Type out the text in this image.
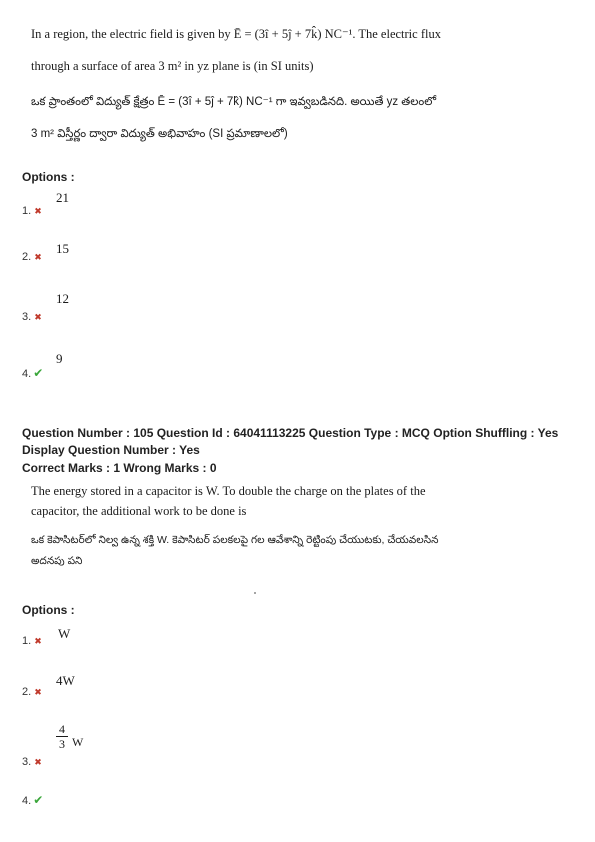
In a region, the electric field is given by Ē = (3î + 5ĵ + 7k̂) NC⁻¹. The electric flux
through a surface of area 3 m² in yz plane is (in SI units)
ఒక ప్రాంతంలో విద్యుత్ క్షేత్రం Ē = (3î + 5ĵ + 7k̂) NC⁻¹ గా ఇవ్వబడినది. అయితే yz తలంలో
3 m² విస్తీర్ణం ద్వారా విద్యుత్ అభివాహం (SI ప్రమాణాలలో)
Options :
1. ✖
21
2. ✖
15
3. ✖
12
4. ✔
9
Question Number : 105 Question Id : 64041113225 Question Type : MCQ Option Shuffling : Yes
Display Question Number : Yes
Correct Marks : 1 Wrong Marks : 0
The energy stored in a capacitor is W. To double the charge on the plates of the
capacitor, the additional work to be done is
ఒక కెపాసిటర్‌లో నిల్వ ఉన్న శక్తి W. కెపాసిటర్ పలకలపై గల ఆవేశాన్ని రెట్టింపు చేయుటకు, చేయవలసిన
అదనపు పని
Options :
1. ✖ W
2. ✖
4W
3. ✖
4
3 W
4. ✔
